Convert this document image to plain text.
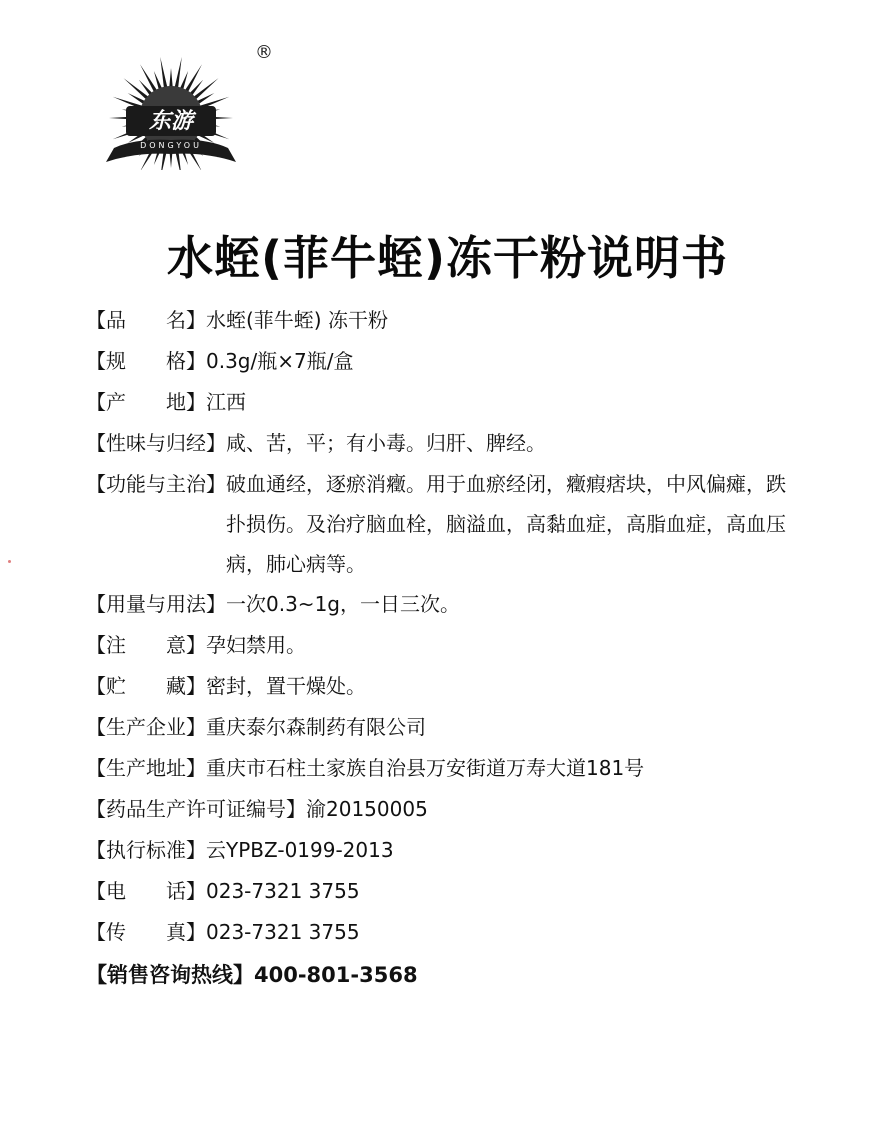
东游
DONGYOU
®
水蛭(菲牛蛭)冻干粉说明书
【品　　名】 水蛭(菲牛蛭) 冻干粉
【规　　格】 0.3g/瓶×7瓶/盒
【产　　地】 江西
【性味与归经】 咸、苦，平；有小毒。归肝、脾经。
【功能与主治】 破血通经，逐瘀消癥。用于血瘀经闭，癥瘕痞块，中风偏瘫，跌扑损伤。及治疗脑血栓，脑溢血，高黏血症，高脂血症，高血压病，肺心病等。
【用量与用法】 一次0.3~1g，一日三次。
【注　　意】 孕妇禁用。
【贮　　藏】 密封，置干燥处。
【生产企业】 重庆泰尔森制药有限公司
【生产地址】 重庆市石柱土家族自治县万安街道万寿大道181号
【药品生产许可证编号】 渝20150005
【执行标准】 云YPBZ-0199-2013
【电　　话】 023-7321 3755
【传　　真】 023-7321 3755
【销售咨询热线】 400-801-3568
